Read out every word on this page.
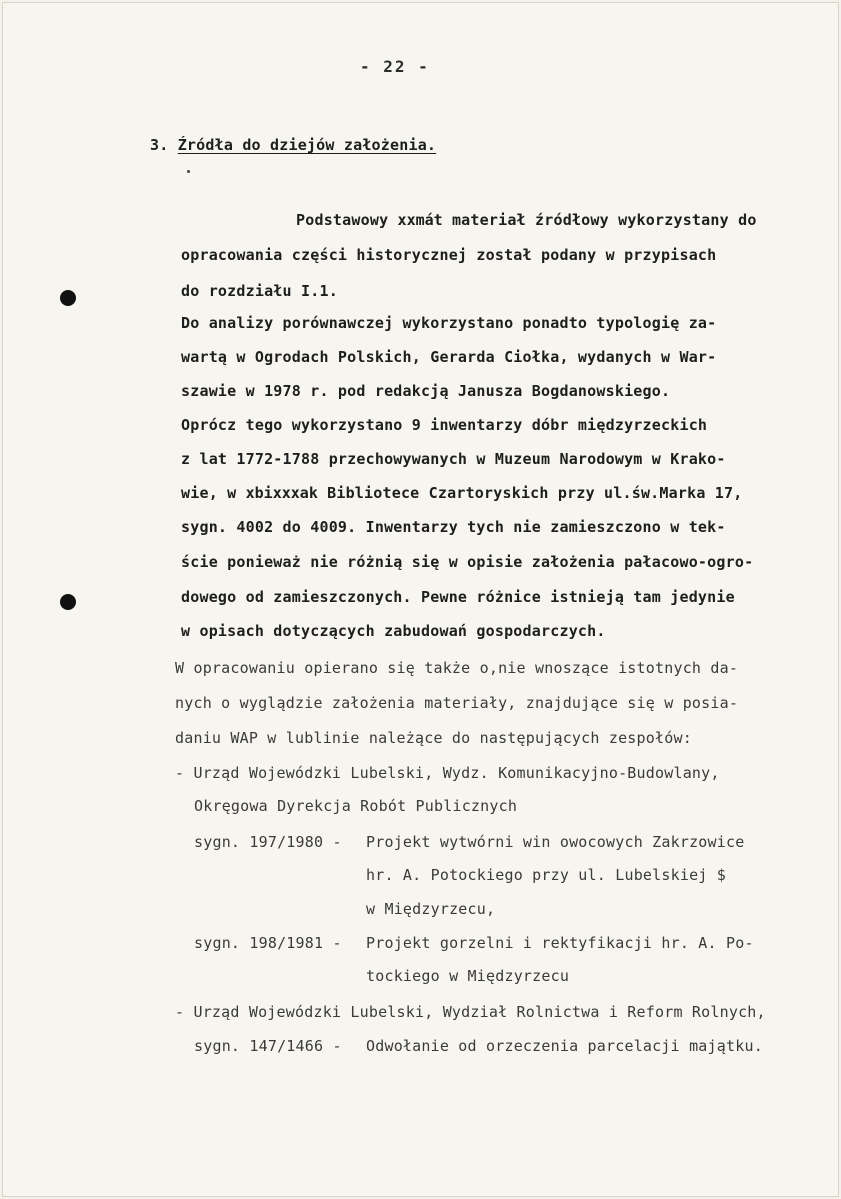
- 22 -
3. Źródła do dziejów założenia.
Podstawowy xxmát materiał źródłowy wykorzystany do
opracowania części historycznej został podany w przypisach
do rozdziału I.1.
Do analizy porównawczej wykorzystano ponadto typologię za-
wartą w Ogrodach Polskich, Gerarda Ciołka, wydanych w War-
szawie w 1978 r. pod redakcją Janusza Bogdanowskiego.
Oprócz tego wykorzystano 9 inwentarzy dóbr międzyrzeckich
z lat 1772-1788 przechowywanych w Muzeum Narodowym w Krako-
wie, w xbixxxak Bibliotece Czartoryskich przy ul.św.Marka 17,
sygn. 4002 do 4009. Inwentarzy tych nie zamieszczono w tek-
ście ponieważ nie różnią się w opisie założenia pałacowo-ogro-
dowego od zamieszczonych. Pewne różnice istnieją tam jedynie
w opisach dotyczących zabudowań gospodarczych.
W opracowaniu opierano się także o,nie wnoszące istotnych da-
nych o wyglądzie założenia materiały, znajdujące się w posia-
daniu WAP w lublinie należące do następujących zespołów:
- Urząd Wojewódzki Lubelski, Wydz. Komunikacyjno-Budowlany,
Okręgowa Dyrekcja Robót Publicznych
sygn. 197/1980 - Projekt wytwórni win owocowych Zakrzowice
hr. A. Potockiego przy ul. Lubelskiej $
w Międzyrzecu,
sygn. 198/1981 - Projekt gorzelni i rektyfikacji hr. A. Po-
tockiego w Międzyrzecu
- Urząd Wojewódzki Lubelski, Wydział Rolnictwa i Reform Rolnych,
sygn. 147/1466 - Odwołanie od orzeczenia parcelacji majątku.
